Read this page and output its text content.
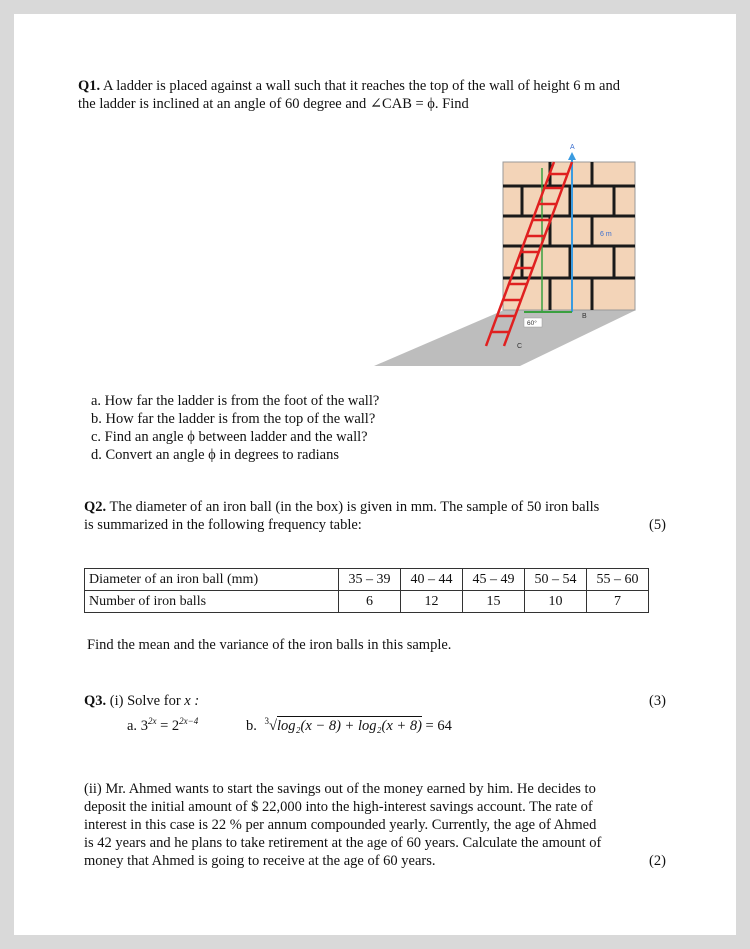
Q1. A ladder is placed against a wall such that it reaches the top of the wall of height 6 m and
the ladder is inclined at an angle of 60 degree and ∠CAB = ϕ. Find
A
B
C
6 m
60°
a. How far the ladder is from the foot of the wall?
b. How far the ladder is from the top of the wall?
c. Find an angle ϕ between ladder and the wall?
d. Convert an angle ϕ in degrees to radians
Q2. The diameter of an iron ball (in the box) is given in mm. The sample of 50 iron balls
is summarized in the following frequency table:	(5)
Diameter of an iron ball (mm)	35 – 39	40 – 44	45 – 49	50 – 54	55 – 60
Number of iron balls	6	12	15	10	7
Find the mean and the variance of the iron balls in this sample.
Q3. (i) Solve for x :	(3)
a. $3^{2x} = 2^{2x-4}$	b. $^3$√log₂(x − 8) + log₂(x + 8) = 64
(ii) Mr. Ahmed wants to start the savings out of the money earned by him. He decides to
deposit the initial amount of $ 22,000 into the high-interest savings account. The rate of
interest in this case is 22 % per annum compounded yearly. Currently, the age of Ahmed
is 42 years and he plans to take retirement at the age of 60 years. Calculate the amount of
money that Ahmed is going to receive at the age of 60 years.	(2)
